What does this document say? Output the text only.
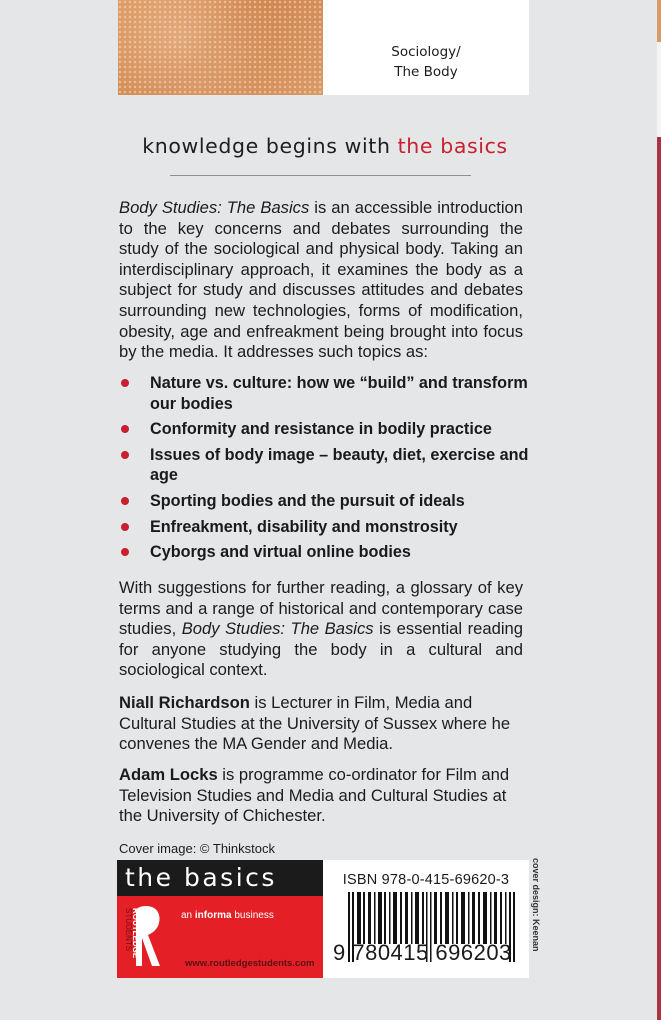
Sociology/
The Body
knowledge begins with the basics

Body Studies: The Basics is an accessible introduction to the key concerns and debates surrounding the study of the sociological and physical body. Taking an interdisciplinary approach, it examines the body as a subject for study and discusses attitudes and debates surrounding new technologies, forms of modification, obesity, age and enfreakment being brought into focus by the media. It addresses such topics as:

Nature vs. culture: how we “build” and transform our bodies
Conformity and resistance in bodily practice
Issues of body image – beauty, diet, exercise and age
Sporting bodies and the pursuit of ideals
Enfreakment, disability and monstrosity
Cyborgs and virtual online bodies

With suggestions for further reading, a glossary of key terms and a range of historical and contemporary case studies, Body Studies: The Basics is essential reading for anyone studying the body in a cultural and sociological context.

Niall Richardson is Lecturer in Film, Media and Cultural Studies at the University of Sussex where he convenes the MA Gender and Media.

Adam Locks is programme co-ordinator for Film and Television Studies and Media and Cultural Studies at the University of Chichester.

Cover image: © Thinkstock
the basics
ROUTLEDGE
STUDENTS	an informa business
www.routledgestudents.com
ISBN 978-0-415-69620-3
9 780415 696203
cover design: Keenan
